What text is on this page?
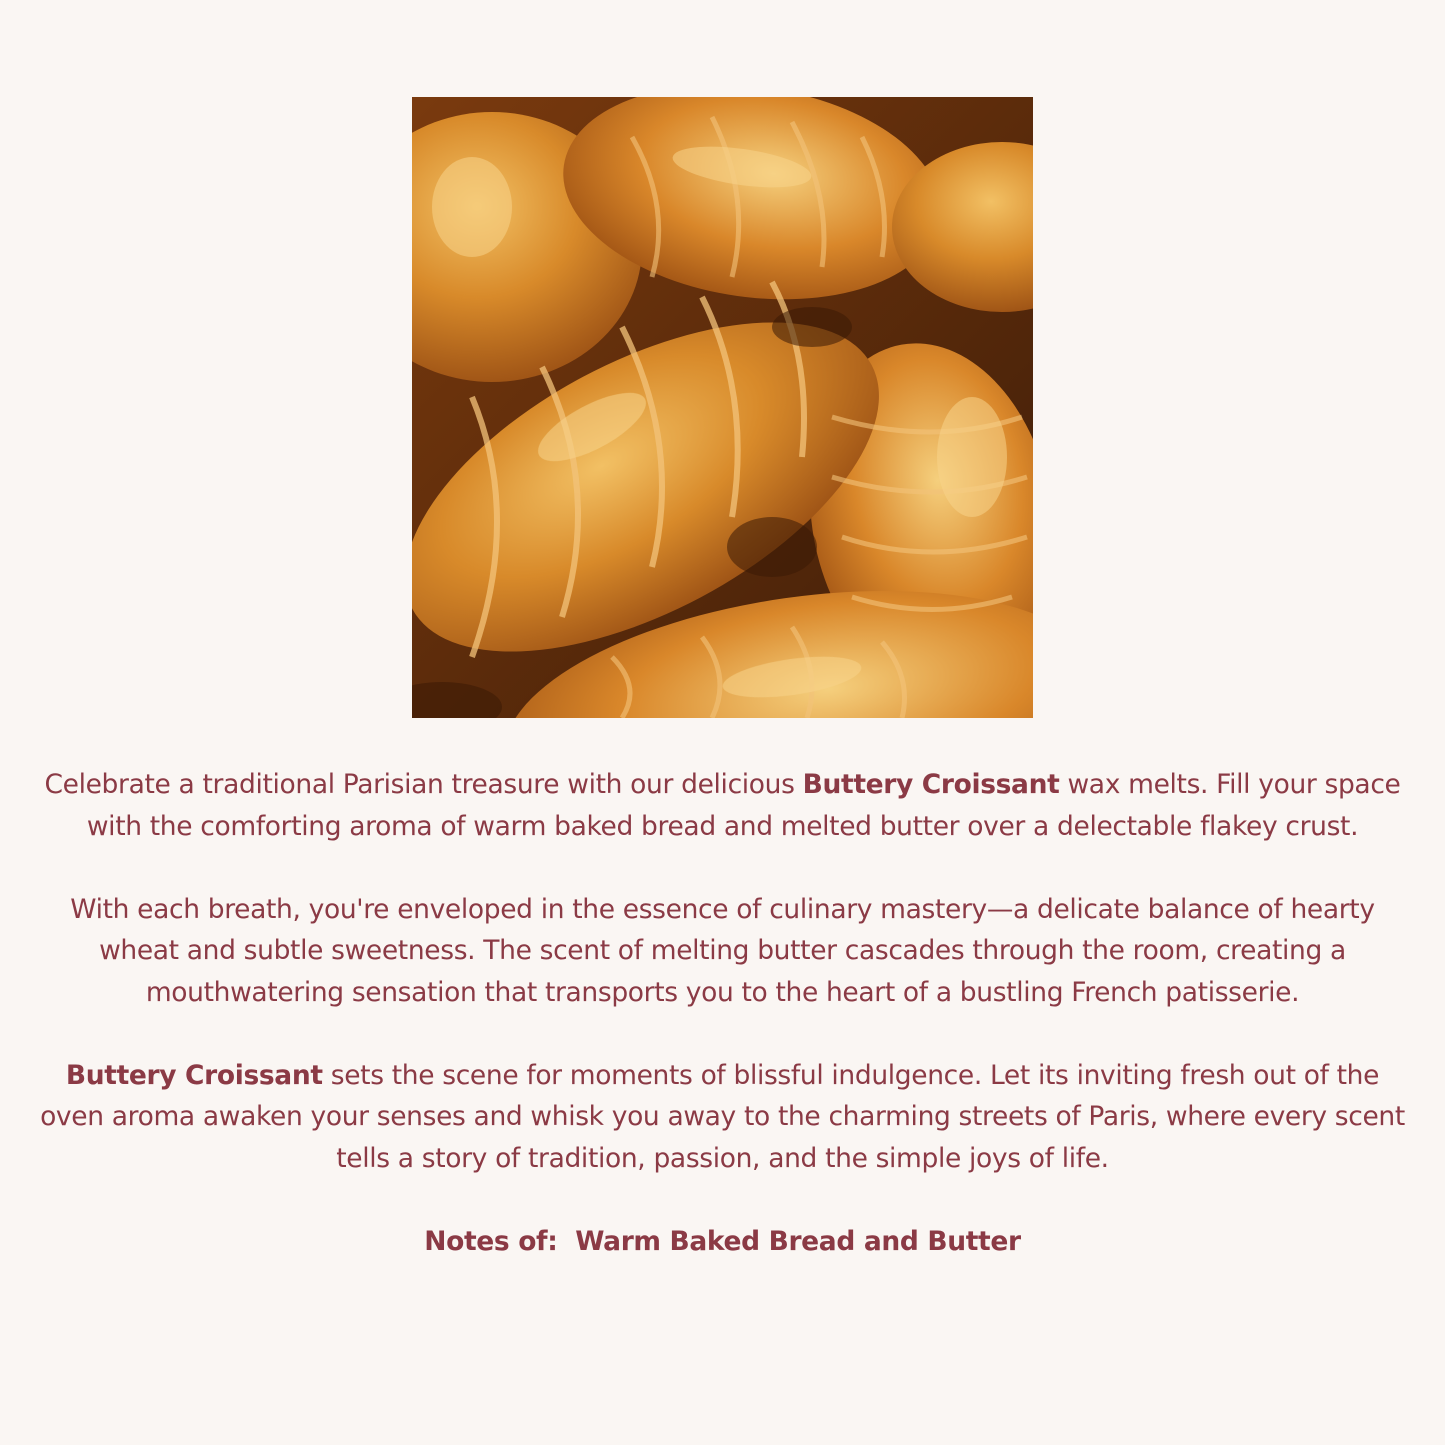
Celebrate a traditional Parisian treasure with our delicious Buttery Croissant wax melts. Fill your space with the comforting aroma of warm baked bread and melted butter over a delectable flakey crust.

With each breath, you're enveloped in the essence of culinary mastery—a delicate balance of hearty wheat and subtle sweetness. The scent of melting butter cascades through the room, creating a mouthwatering sensation that transports you to the heart of a bustling French patisserie.

Buttery Croissant sets the scene for moments of blissful indulgence. Let its inviting fresh out of the oven aroma awaken your senses and whisk you away to the charming streets of Paris, where every scent tells a story of tradition, passion, and the simple joys of life.

Notes of:  Warm Baked Bread and Butter
